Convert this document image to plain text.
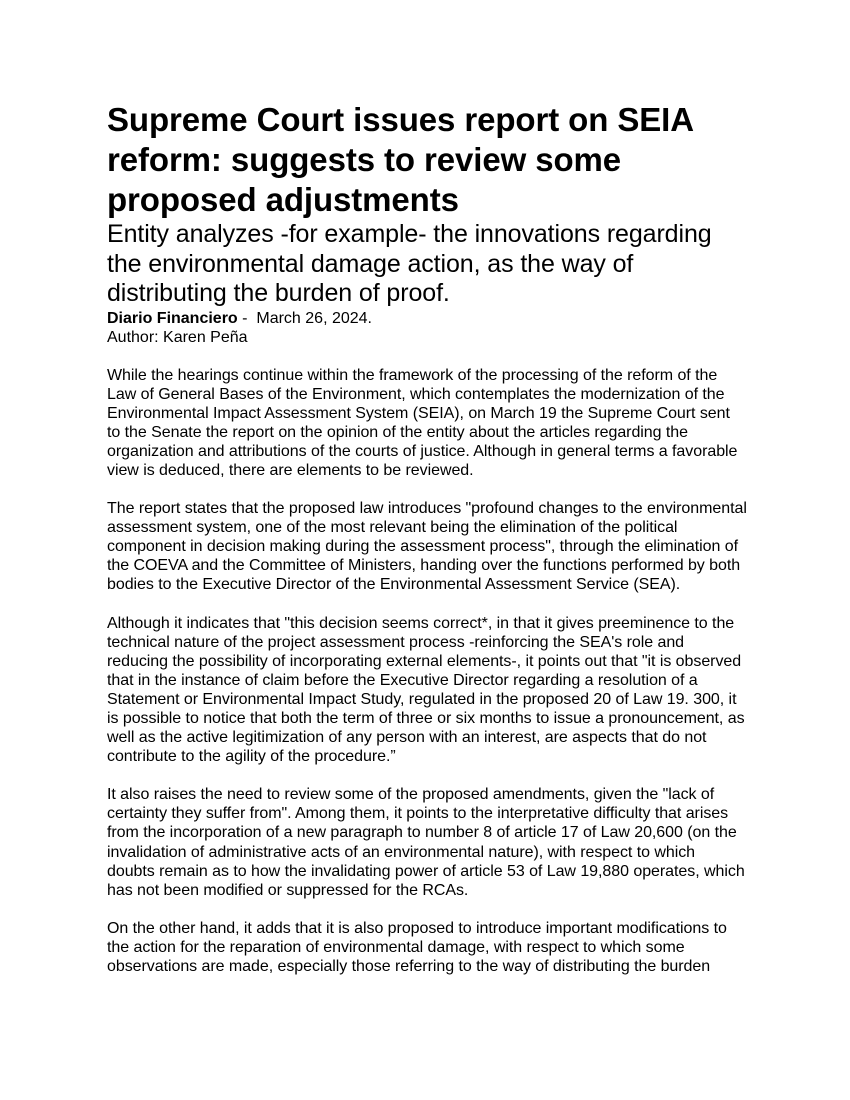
Supreme Court issues report on SEIA reform: suggests to review some proposed adjustments
Entity analyzes -for example- the innovations regarding the environmental damage action, as the way of distributing the burden of proof.
Diario Financiero -  March 26, 2024.
Author: Karen Peña

While the hearings continue within the framework of the processing of the reform of the Law of General Bases of the Environment, which contemplates the modernization of the Environmental Impact Assessment System (SEIA), on March 19 the Supreme Court sent to the Senate the report on the opinion of the entity about the articles regarding the organization and attributions of the courts of justice. Although in general terms a favorable view is deduced, there are elements to be reviewed.

The report states that the proposed law introduces "profound changes to the environmental assessment system, one of the most relevant being the elimination of the political component in decision making during the assessment process", through the elimination of the COEVA and the Committee of Ministers, handing over the functions performed by both bodies to the Executive Director of the Environmental Assessment Service (SEA).

Although it indicates that "this decision seems correct*, in that it gives preeminence to the technical nature of the project assessment process -reinforcing the SEA's role and reducing the possibility of incorporating external elements-, it points out that "it is observed that in the instance of claim before the Executive Director regarding a resolution of a Statement or Environmental Impact Study, regulated in the proposed 20 of Law 19. 300, it is possible to notice that both the term of three or six months to issue a pronouncement, as well as the active legitimization of any person with an interest, are aspects that do not contribute to the agility of the procedure.”

It also raises the need to review some of the proposed amendments, given the "lack of certainty they suffer from". Among them, it points to the interpretative difficulty that arises from the incorporation of a new paragraph to number 8 of article 17 of Law 20,600 (on the invalidation of administrative acts of an environmental nature), with respect to which doubts remain as to how the invalidating power of article 53 of Law 19,880 operates, which has not been modified or suppressed for the RCAs.

On the other hand, it adds that it is also proposed to introduce important modifications to the action for the reparation of environmental damage, with respect to which some observations are made, especially those referring to the way of distributing the burden
